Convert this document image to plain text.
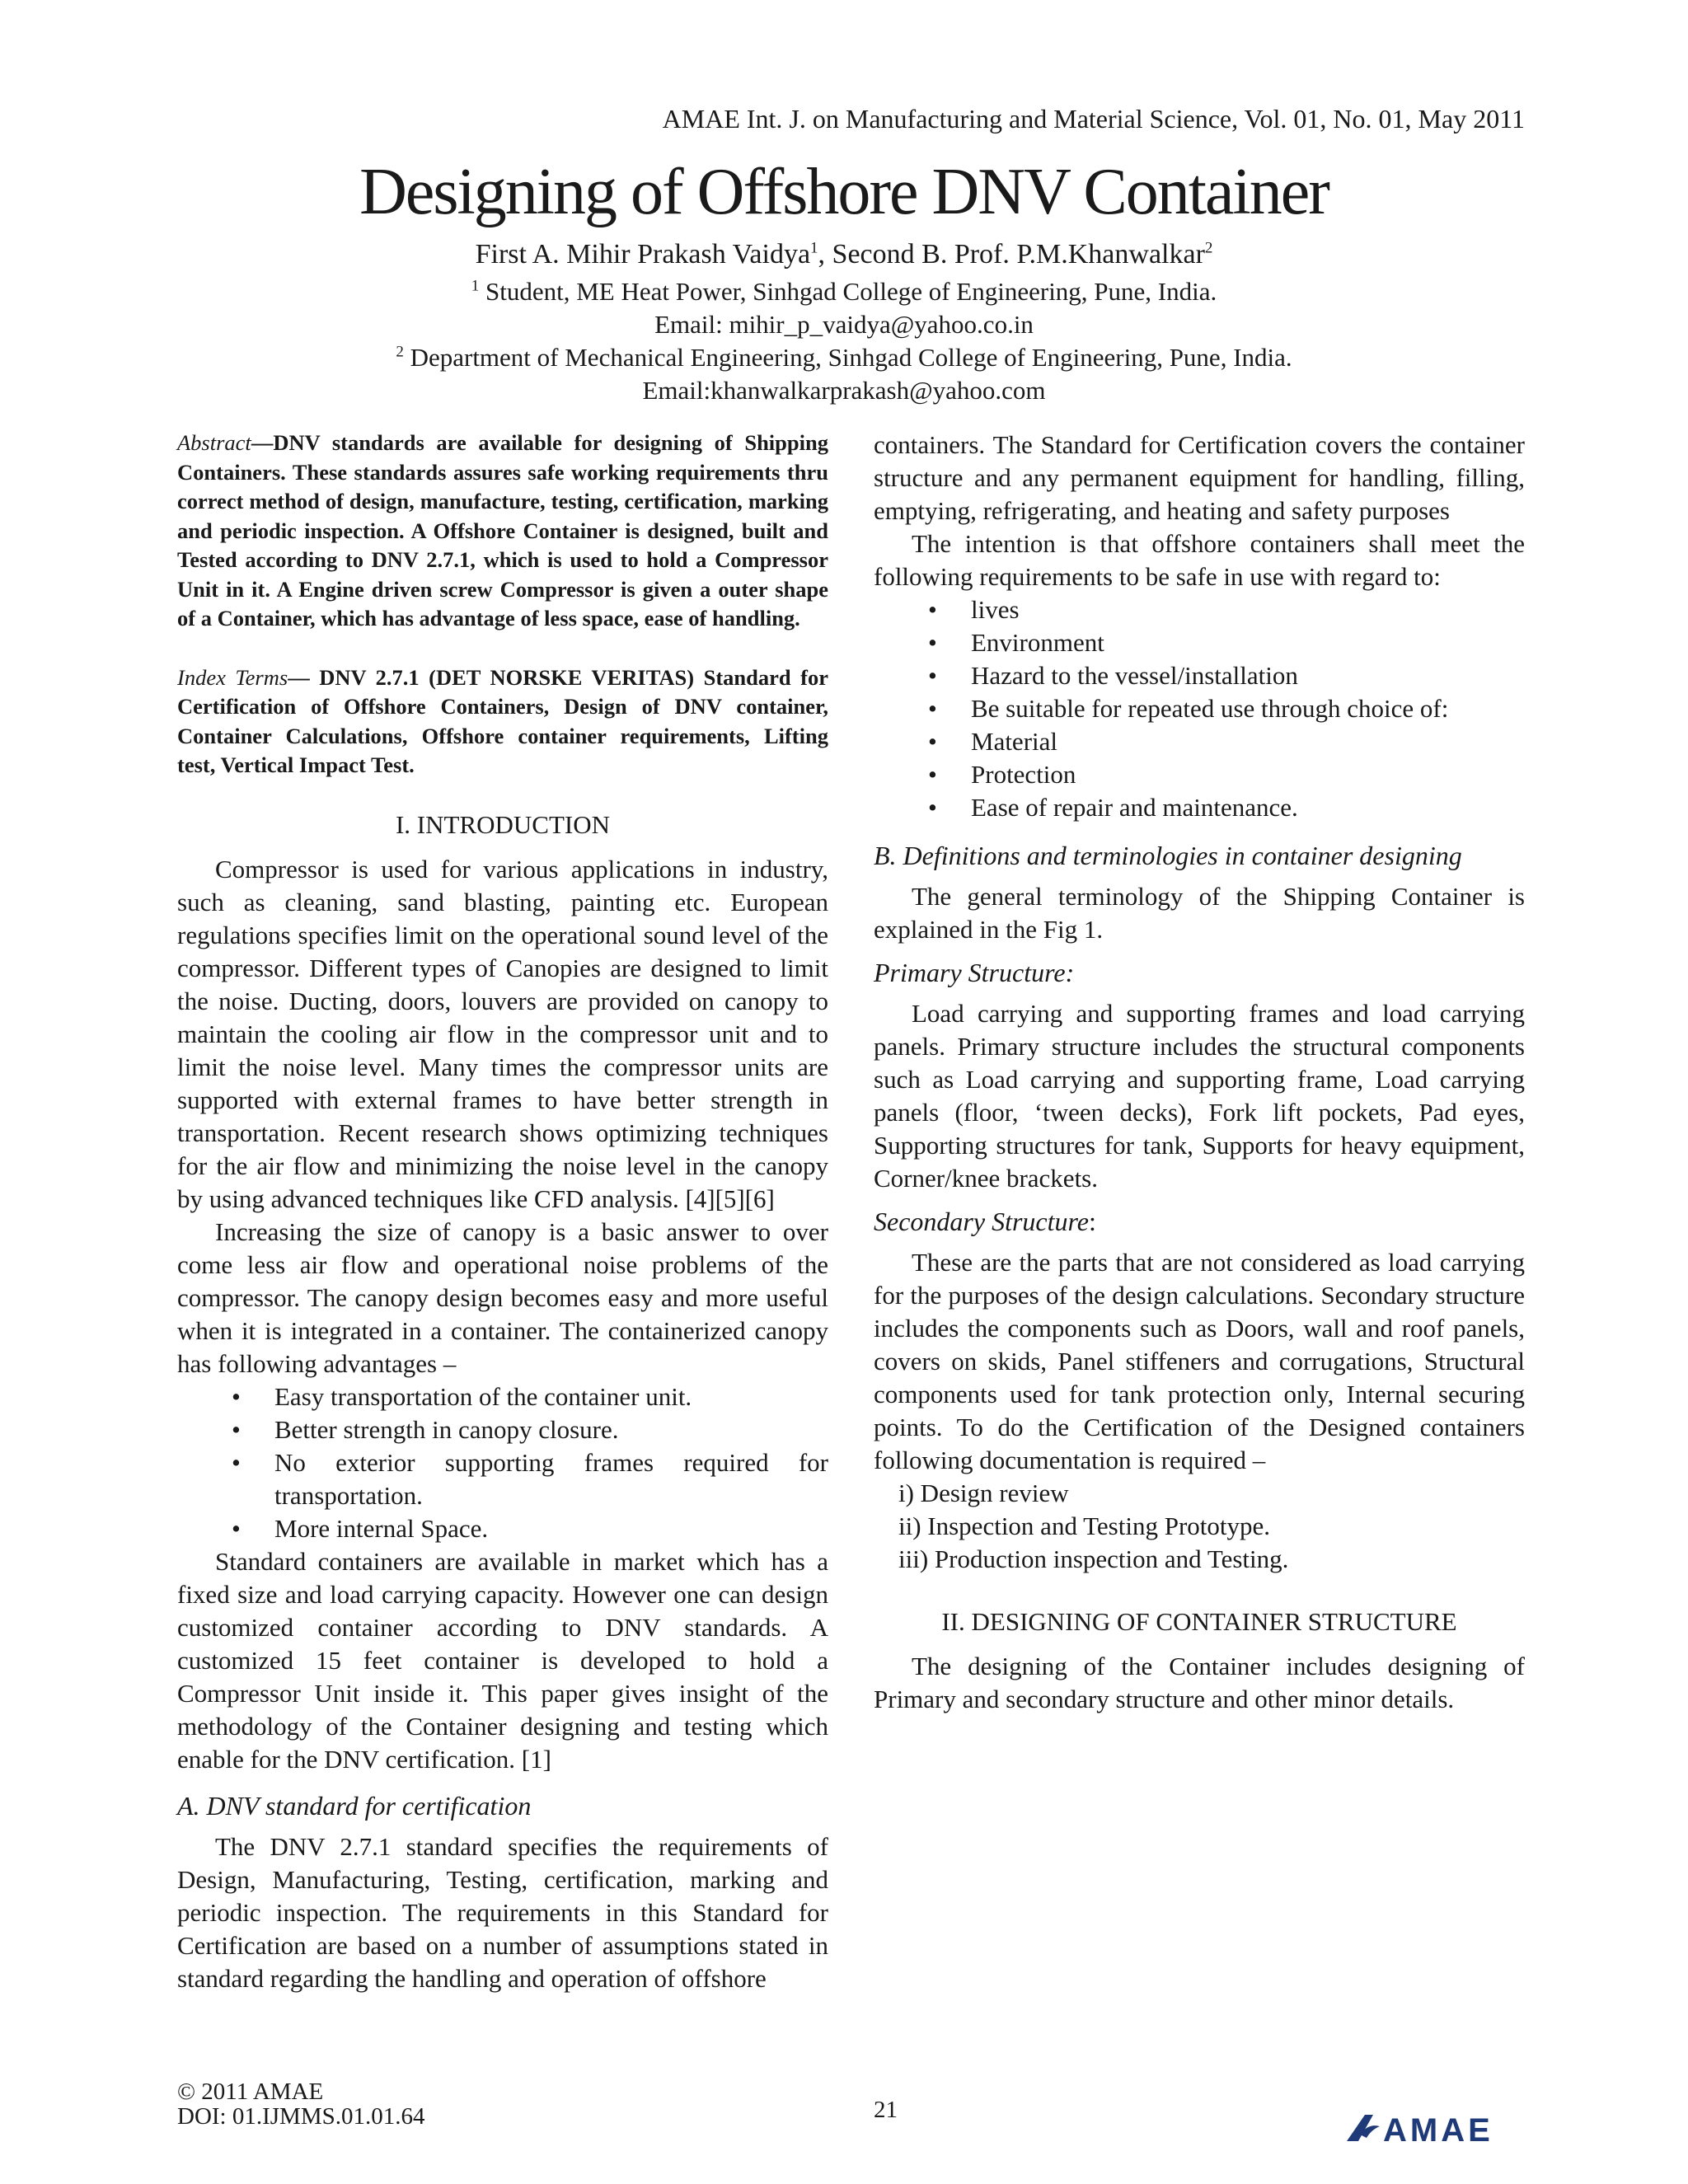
AMAE Int. J. on Manufacturing and Material Science, Vol. 01, No. 01, May 2011
Designing of Offshore DNV Container
First A. Mihir Prakash Vaidya$^1$, Second B. Prof. P.M.Khanwalkar$^2$
$^1$ Student, ME Heat Power, Sinhgad College of Engineering, Pune, India.
Email: mihir_p_vaidya@yahoo.co.in
$^2$ Department of Mechanical Engineering, Sinhgad College of Engineering, Pune, India.
Email:khanwalkarprakash@yahoo.com

Abstract—DNV standards are available for designing of Shipping Containers. These standards assures safe working requirements thru correct method of design, manufacture, testing, certification, marking and periodic inspection. A Offshore Container is designed, built and Tested according to DNV 2.7.1, which is used to hold a Compressor Unit in it. A Engine driven screw Compressor is given a outer shape of a Container, which has advantage of less space, ease of handling.

Index Terms— DNV 2.7.1 (DET NORSKE VERITAS) Standard for Certification of Offshore Containers, Design of DNV container, Container Calculations, Offshore container requirements, Lifting test, Vertical Impact Test.

I. INTRODUCTION

Compressor is used for various applications in industry, such as cleaning, sand blasting, painting etc. European regulations specifies limit on the operational sound level of the compressor. Different types of Canopies are designed to limit the noise. Ducting, doors, louvers are provided on canopy to maintain the cooling air flow in the compressor unit and to limit the noise level. Many times the compressor units are supported with external frames to have better strength in transportation. Recent research shows optimizing techniques for the air flow and minimizing the noise level in the canopy by using advanced techniques like CFD analysis. [4][5][6]

Increasing the size of canopy is a basic answer to over come less air flow and operational noise problems of the compressor. The canopy design becomes easy and more useful when it is integrated in a container. The containerized canopy has following advantages –

• Easy transportation of the container unit.
• Better strength in canopy closure.
• No exterior supporting frames required for transportation.
• More internal Space.

Standard containers are available in market which has a fixed size and load carrying capacity. However one can design customized container according to DNV standards. A customized 15 feet container is developed to hold a Compressor Unit inside it. This paper gives insight of the methodology of the Container designing and testing which enable for the DNV certification. [1]

A. DNV standard for certification

The DNV 2.7.1 standard specifies the requirements of Design, Manufacturing, Testing, certification, marking and periodic inspection. The requirements in this Standard for Certification are based on a number of assumptions stated in standard regarding the handling and operation of offshore

containers. The Standard for Certification covers the container structure and any permanent equipment for handling, filling, emptying, refrigerating, and heating and safety purposes

The intention is that offshore containers shall meet the following requirements to be safe in use with regard to:

• lives
• Environment
• Hazard to the vessel/installation
• Be suitable for repeated use through choice of:
• Material
• Protection
• Ease of repair and maintenance.
B. Definitions and terminologies in container designing

The general terminology of the Shipping Container is explained in the Fig 1.

Primary Structure:

Load carrying and supporting frames and load carrying panels. Primary structure includes the structural components such as Load carrying and supporting frame, Load carrying panels (floor, ‘tween decks), Fork lift pockets, Pad eyes, Supporting structures for tank, Supports for heavy equipment, Corner/knee brackets.

Secondary Structure:

These are the parts that are not considered as load carrying for the purposes of the design calculations. Secondary structure includes the components such as Doors, wall and roof panels, covers on skids, Panel stiffeners and corrugations, Structural components used for tank protection only, Internal securing points. To do the Certification of the Designed containers following documentation is required –

i) Design review
ii) Inspection and Testing Prototype.
iii) Production inspection and Testing.
II. DESIGNING OF CONTAINER STRUCTURE

The designing of the Container includes designing of Primary and secondary structure and other minor details.

© 2011 AMAE
DOI: 01.IJMMS.01.01.64	21
AMAE
